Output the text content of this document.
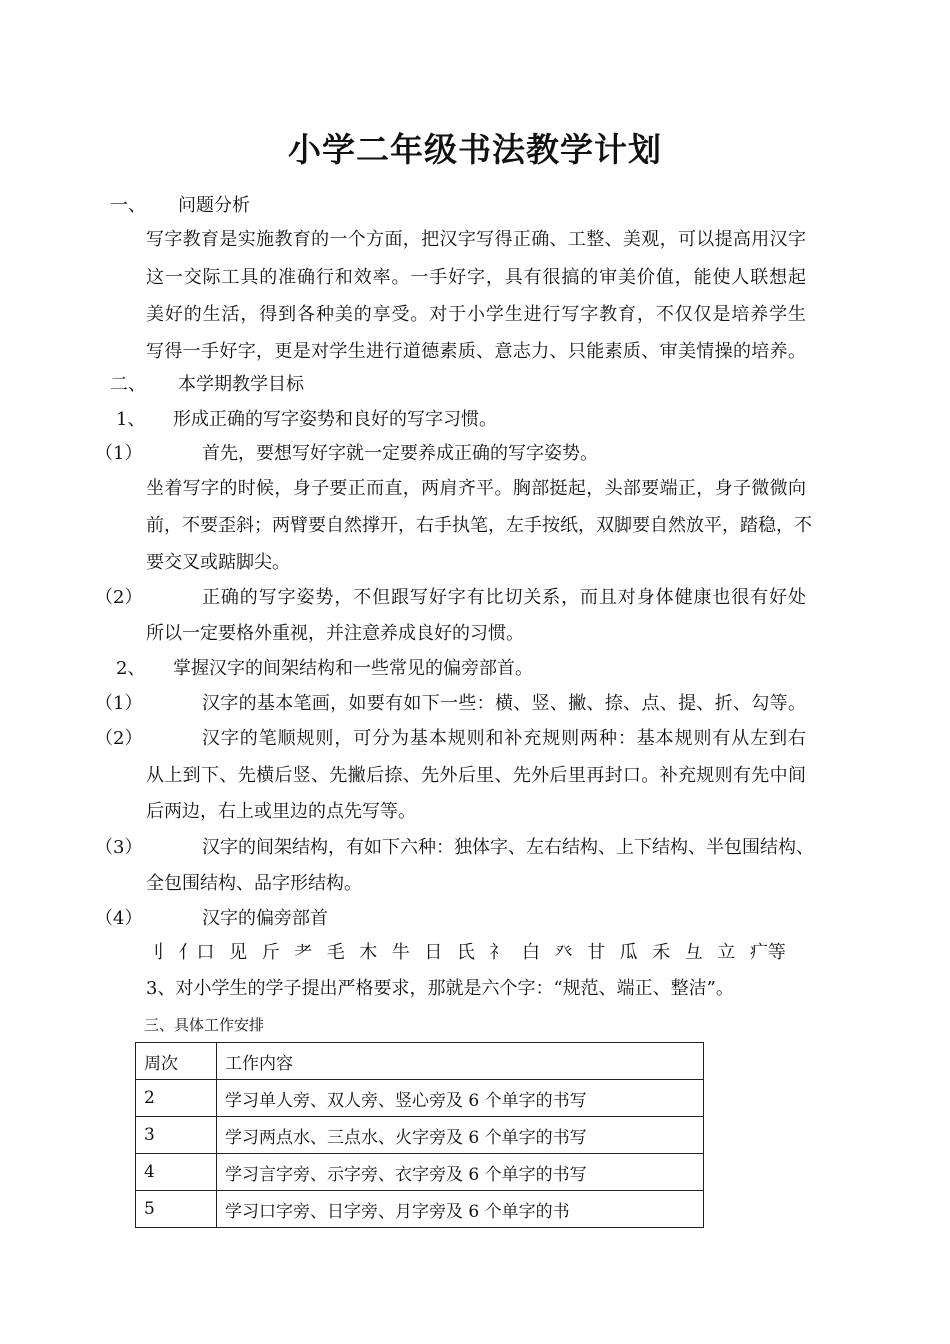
小学二年级书法教学计划
一、 问题分析
写字教育是实施教育的一个方面，把汉字写得正确、工整、美观，可以提高用汉字
这一交际工具的准确行和效率。一手好字，具有很搞的审美价值，能使人联想起
美好的生活，得到各种美的享受。对于小学生进行写字教育，不仅仅是培养学生
写得一手好字，更是对学生进行道德素质、意志力、只能素质、审美情操的培养。
二、 本学期教学目标
1、 形成正确的写字姿势和良好的写字习惯。
（1）	首先，要想写好字就一定要养成正确的写字姿势。
坐着写字的时候，身子要正而直，两肩齐平。胸部挺起，头部要端正，身子微微向
前，不要歪斜；两臂要自然撑开，右手执笔，左手按纸，双脚要自然放平，踏稳，不
要交叉或踮脚尖。
（2）	正确的写字姿势，不但跟写好字有比切关系，而且对身体健康也很有好处
所以一定要格外重视，并注意养成良好的习惯。
2、 掌握汉字的间架结构和一些常见的偏旁部首。
（1）	汉字的基本笔画，如要有如下一些：横、竖、撇、捺、点、提、折、勾等。
（2）	汉字的笔顺规则，可分为基本规则和补充规则两种：基本规则有从左到右
从上到下、先横后竖、先撇后捺、先外后里、先外后里再封口。补充规则有先中间
后两边，右上或里边的点先写等。
（3）	汉字的间架结构，有如下六种：独体字、左右结构、上下结构、半包围结构、
全包围结构、品字形结构。
（4）	汉字的偏旁部首
刂 亻口 见 斤 耂 毛 木 牛 日 氏 礻 白 癶 甘 瓜 禾 彑 立 疒等
3、对小学生的学子提出严格要求，那就是六个字：“规范、端正、整洁”。
三、具体工作安排
周次	工作内容
2	学习单人旁、双人旁、竖心旁及 6 个单字的书写
3	学习两点水、三点水、火字旁及 6 个单字的书写
4	学习言字旁、示字旁、衣字旁及 6 个单字的书写
5	学习口字旁、日字旁、月字旁及 6 个单字的书
